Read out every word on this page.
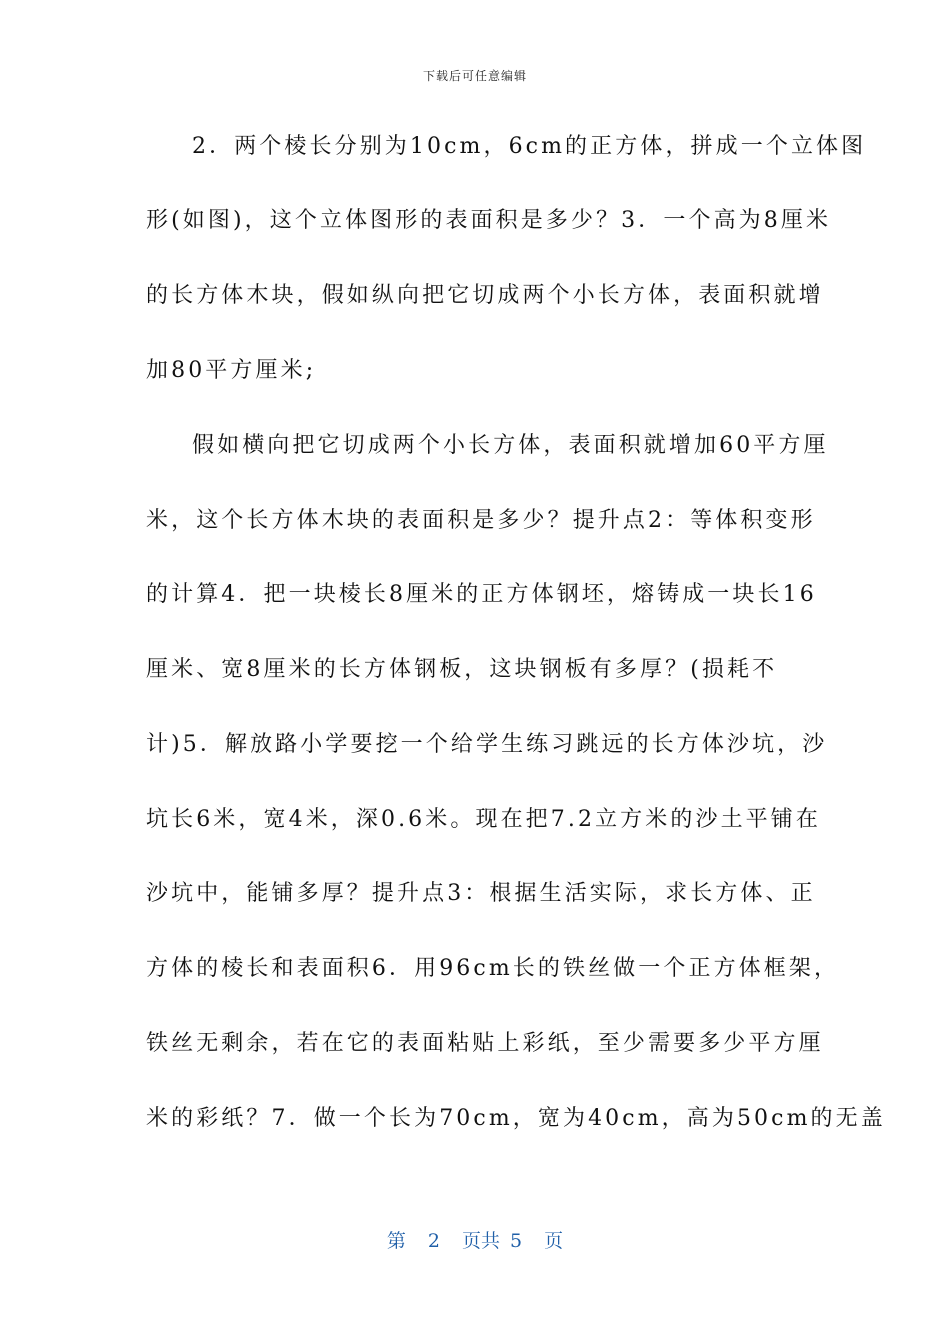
下载后可任意编辑
2．两个棱长分别为10cm，6cm的正方体，拼成一个立体图
形(如图)，这个立体图形的表面积是多少？3．一个高为8厘米
的长方体木块，假如纵向把它切成两个小长方体，表面积就增
加80平方厘米;
假如横向把它切成两个小长方体，表面积就增加60平方厘
米，这个长方体木块的表面积是多少？提升点2：等体积变形
的计算4．把一块棱长8厘米的正方体钢坯，熔铸成一块长16
厘米、宽8厘米的长方体钢板，这块钢板有多厚？(损耗不
计)5．解放路小学要挖一个给学生练习跳远的长方体沙坑，沙
坑长6米，宽4米，深0.6米。现在把7.2立方米的沙土平铺在
沙坑中，能铺多厚？提升点3：根据生活实际，求长方体、正
方体的棱长和表面积6．用96cm长的铁丝做一个正方体框架，
铁丝无剩余，若在它的表面粘贴上彩纸，至少需要多少平方厘
米的彩纸？7．做一个长为70cm，宽为40cm，高为50cm的无盖
第 2 页共 5 页
